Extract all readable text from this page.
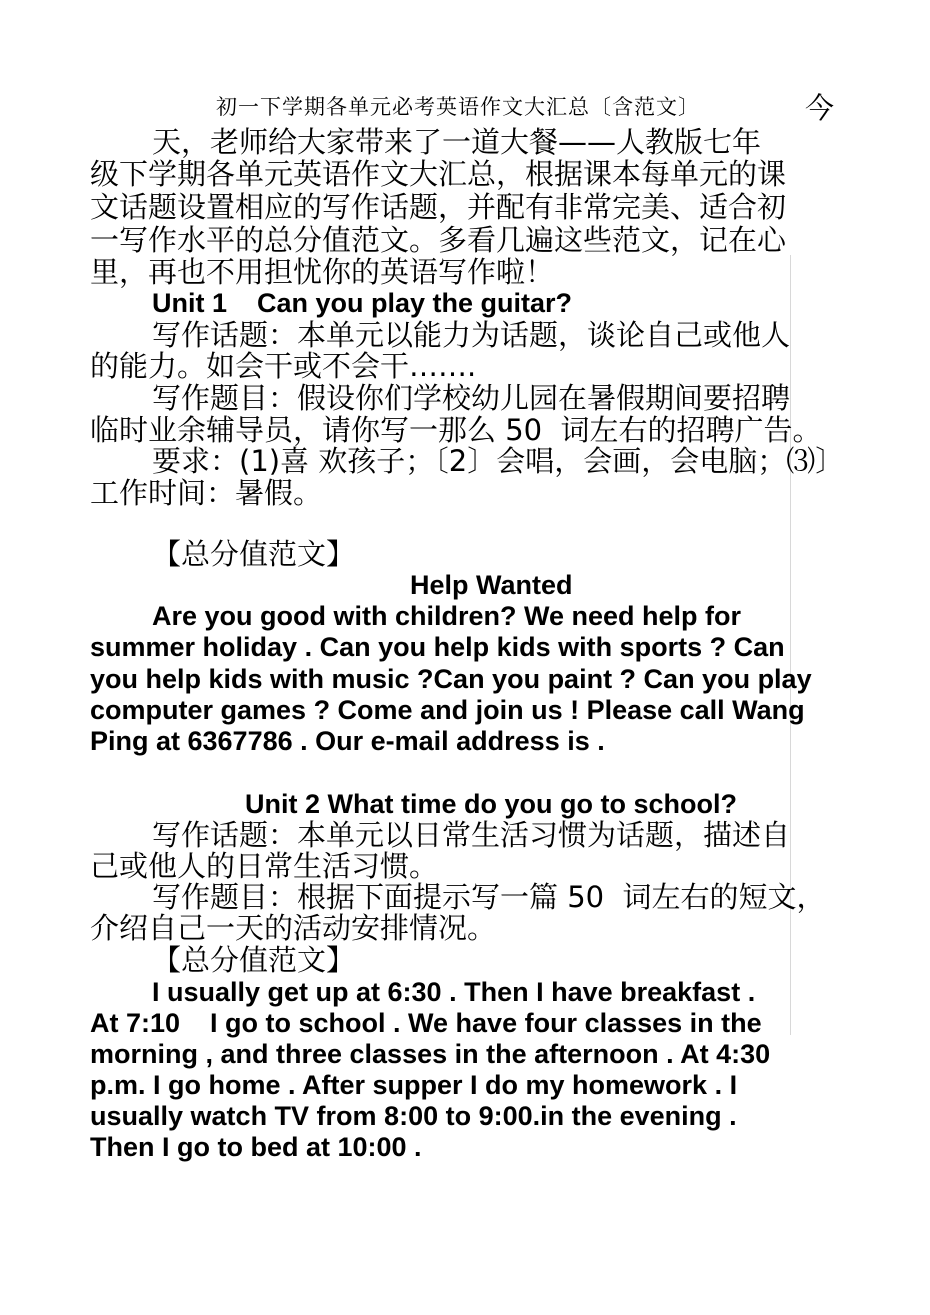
初一下学期各单元必考英语作文大汇总〔含范文〕	今
天，老师给大家带来了一道大餐——人教版七年
级下学期各单元英语作文大汇总，根据课本每单元的课
文话题设置相应的写作话题，并配有非常完美、适合初
一写作水平的总分值范文。多看几遍这些范文，记在心
里，再也不用担忧你的英语写作啦！
Unit 1    Can you play the guitar?
写作话题：本单元以能力为话题，谈论自己或他人
的能力。如会干或不会干…….
写作题目：假设你们学校幼儿园在暑假期间要招聘
临时业余辅导员，请你写一那么 50  词左右的招聘广告。
要求：(1)喜 欢孩子；〔2〕会唱，会画，会电脑；⑶〕
工作时间：暑假。
【总分值范文】
Help Wanted
Are you good with children? We need help for
summer holiday . Can you help kids with sports ? Can
you help kids with music ?Can you paint ? Can you play
computer games ? Come and join us ! Please call Wang
Ping at 6367786 . Our e-mail address is .
Unit 2 What time do you go to school?
写作话题：本单元以日常生活习惯为话题，描述自
己或他人的日常生活习惯。
写作题目：根据下面提示写一篇 50  词左右的短文，
介绍自己一天的活动安排情况。
【总分值范文】
I usually get up at 6:30 . Then I have breakfast .
At 7:10    I go to school . We have four classes in the
morning , and three classes in the afternoon . At 4:30
p.m. I go home . After supper I do my homework . I
usually watch TV from 8:00 to 9:00.in the evening .
Then I go to bed at 10:00 .
